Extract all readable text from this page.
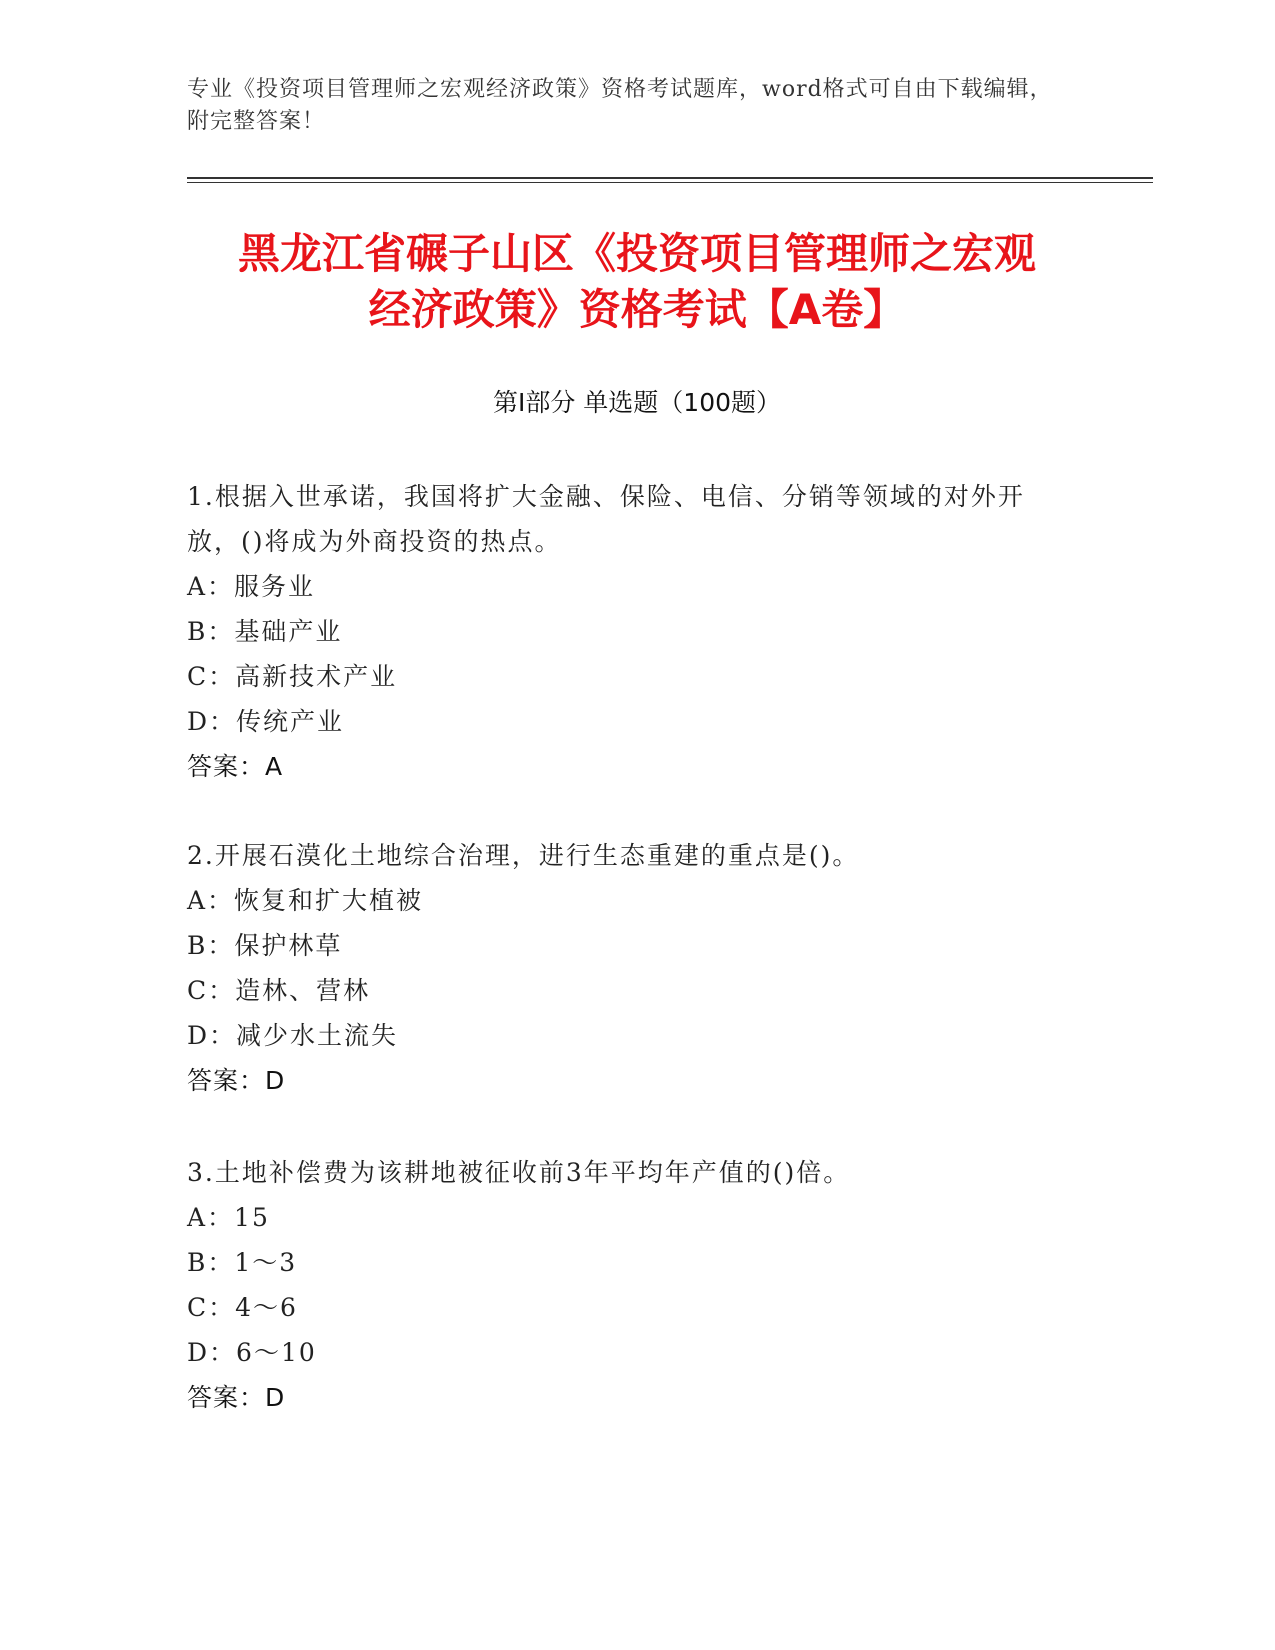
专业《投资项目管理师之宏观经济政策》资格考试题库，word格式可自由下载编辑，附完整答案！
黑龙江省碾子山区《投资项目管理师之宏观
经济政策》资格考试【A卷】
第Ⅰ部分 单选题（100题）

1.根据入世承诺，我国将扩大金融、保险、电信、分销等领域的对外开放，()将成为外商投资的热点。

A：服务业

B：基础产业

C：高新技术产业

D：传统产业

答案：A

2.开展石漠化土地综合治理，进行生态重建的重点是()。

A：恢复和扩大植被

B：保护林草

C：造林、营林

D：减少水土流失

答案：D

3.土地补偿费为该耕地被征收前3年平均年产值的()倍。

A：15

B：1～3

C：4～6

D：6～10

答案：D
